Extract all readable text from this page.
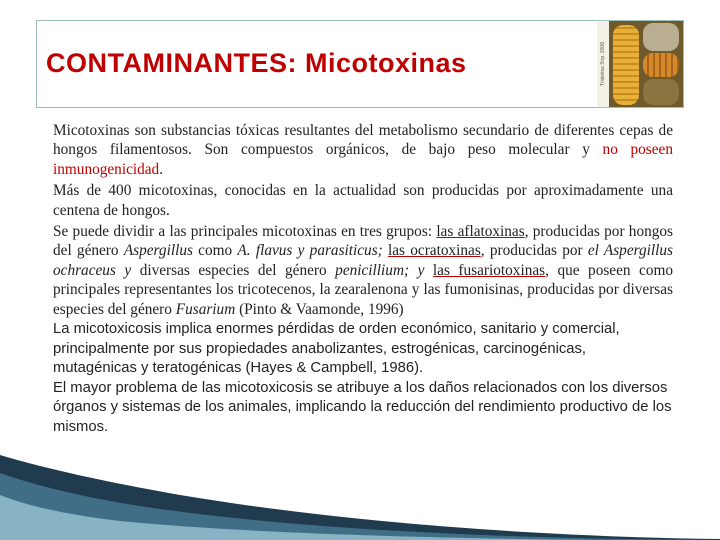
CONTAMINANTES: Micotoxinas	Trisleksa Sirp. 2008

Micotoxinas son substancias tóxicas resultantes del metabolismo secundario de diferentes cepas de hongos filamentosos. Son compuestos orgánicos, de bajo peso molecular y no poseen inmunogenicidad.

Más de 400 micotoxinas, conocidas en la actualidad son producidas por aproximadamente una centena de hongos.

Se puede dividir a las principales micotoxinas en tres grupos: las aflatoxinas, producidas por hongos del género Aspergillus como A. flavus y parasiticus; las ocratoxinas, producidas por el Aspergillus ochraceus y diversas especies del género penicillium; y las fusariotoxinas, que poseen como principales representantes los tricotecenos, la zearalenona y las fumonisinas, producidas por diversas especies del género Fusarium (Pinto & Vaamonde, 1996)

La micotoxicosis implica enormes pérdidas de orden económico, sanitario y comercial, principalmente por sus propiedades anabolizantes, estrogénicas, carcinogénicas, mutagénicas y teratogénicas (Hayes & Campbell, 1986).

El mayor problema de las micotoxicosis se atribuye a los daños relacionados con los diversos órganos y sistemas de los animales, implicando la reducción del rendimiento productivo de los mismos.
